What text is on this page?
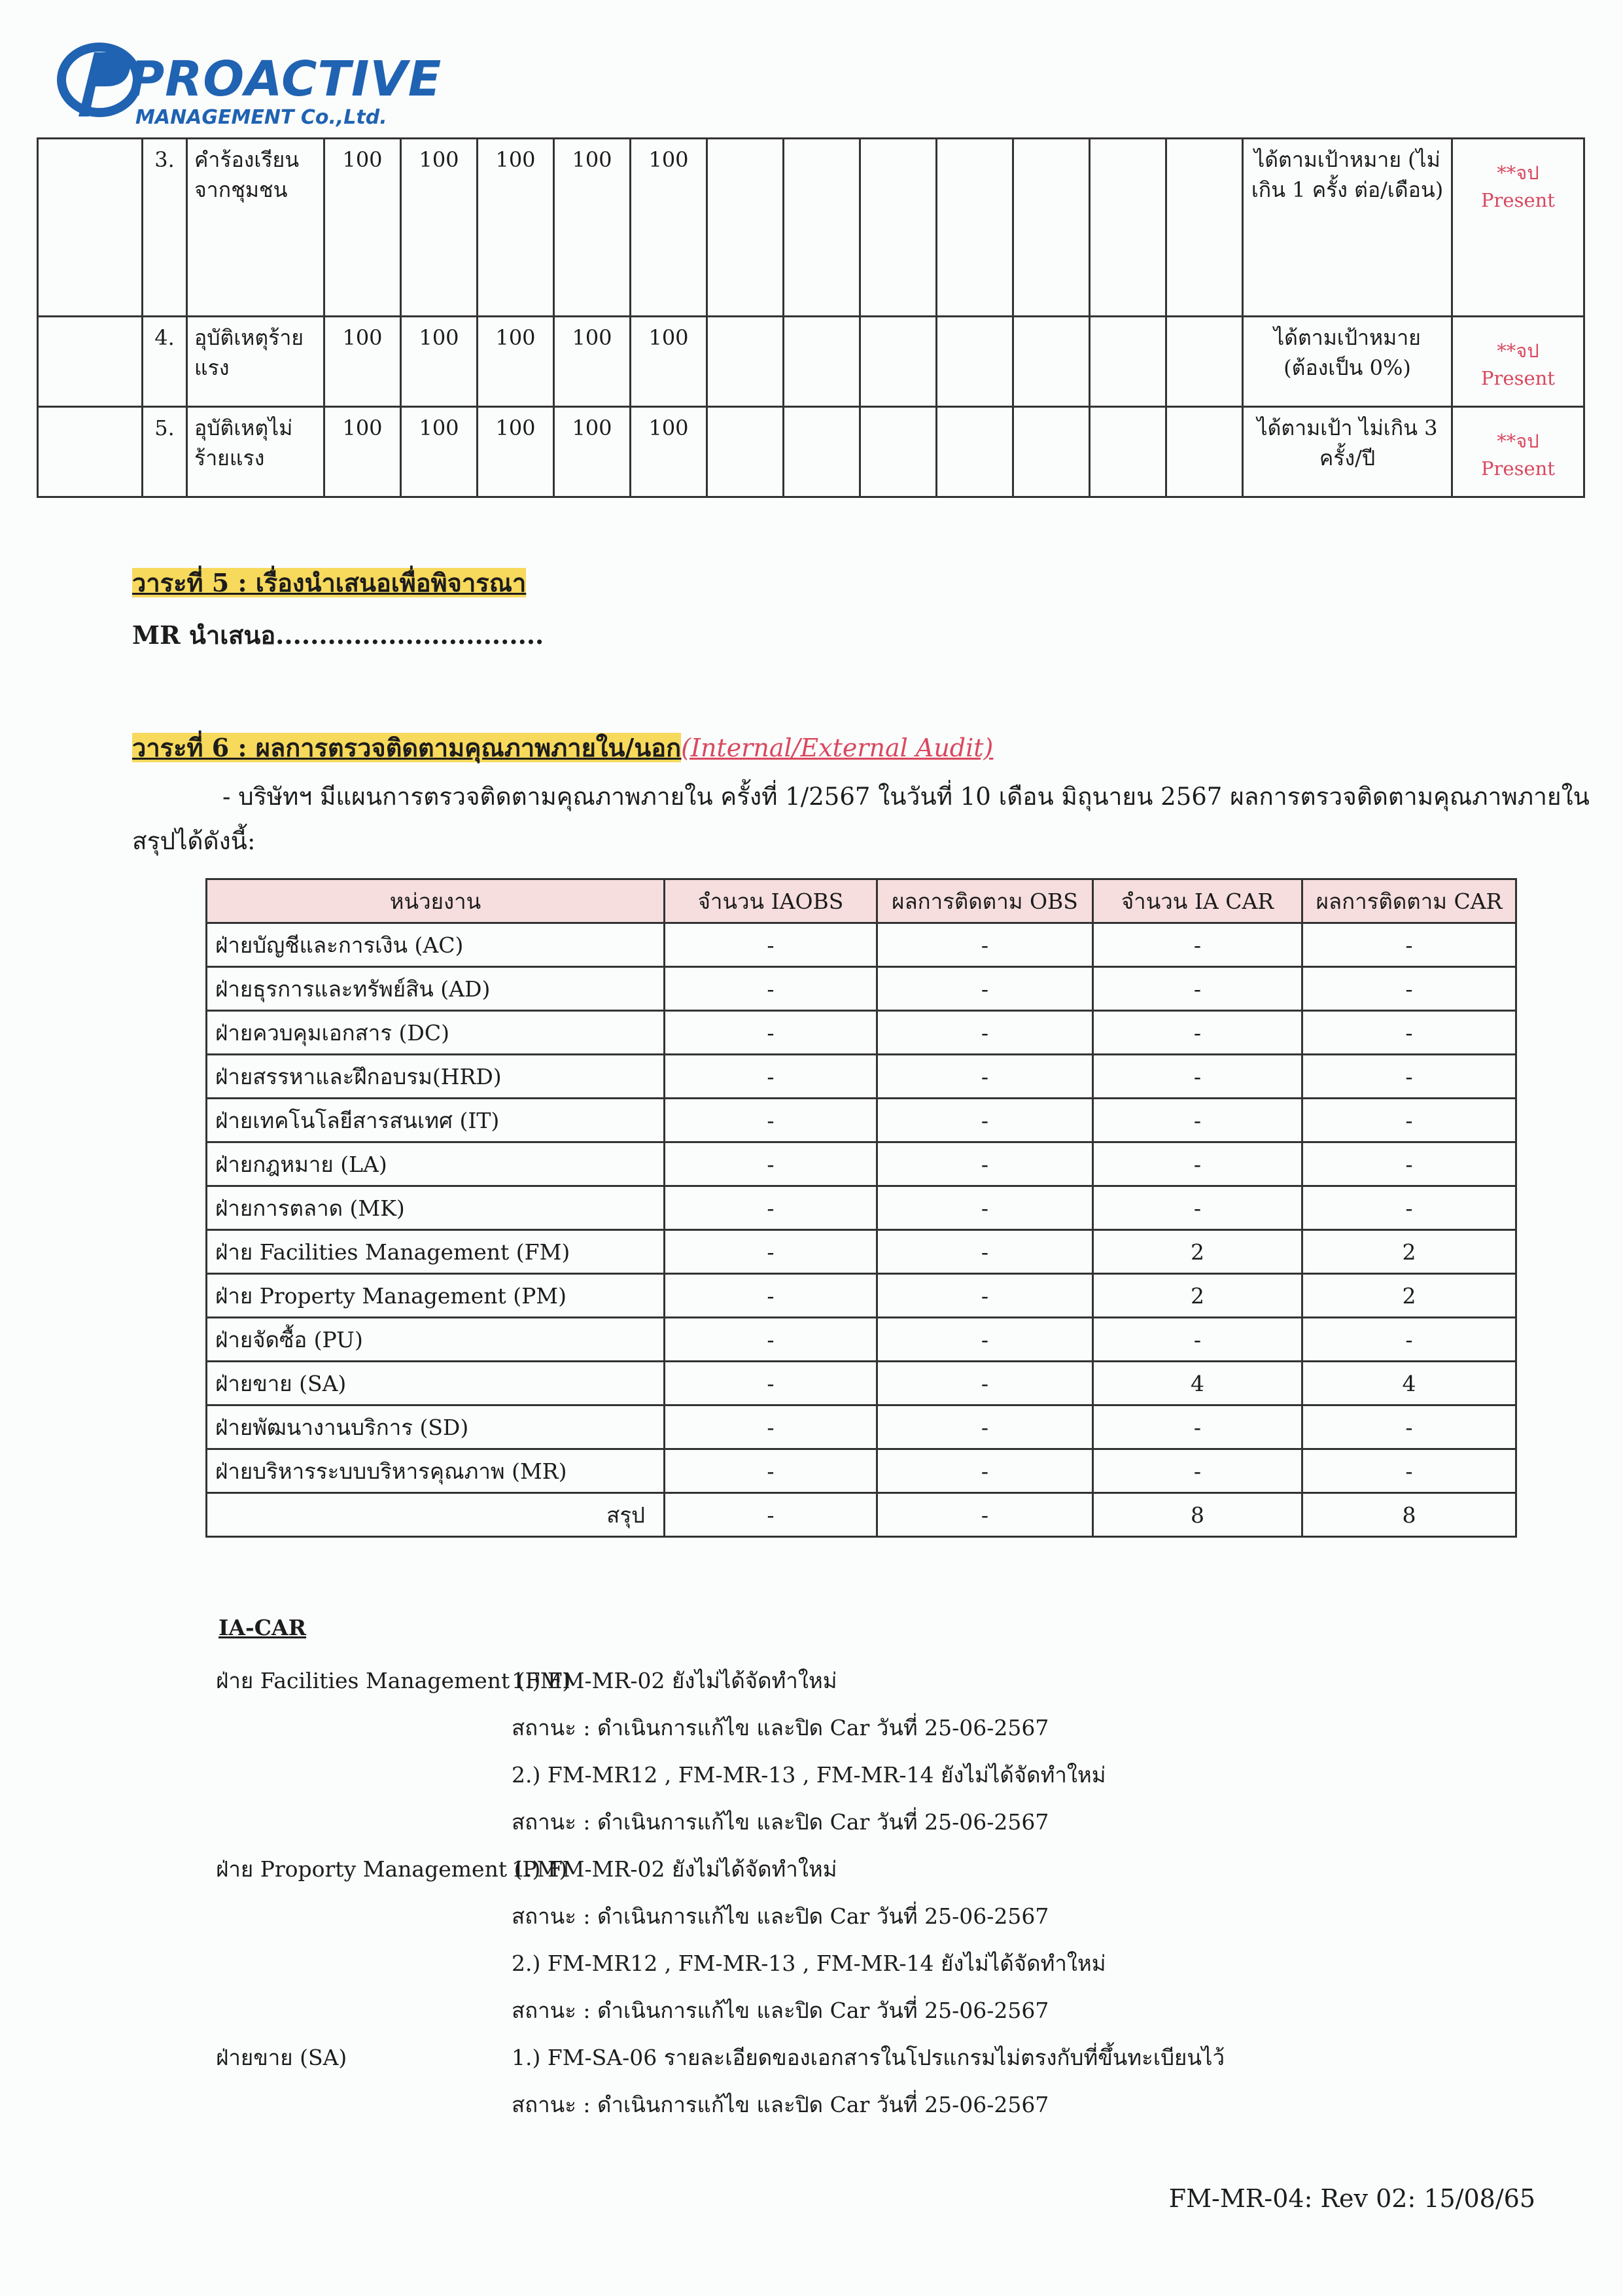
PROACTIVE
MANAGEMENT Co.,Ltd.
	3.	คำร้องเรียนจากชุมชน	100	100	100	100	100								ได้ตามเป้าหมาย (ไม่เกิน 1 ครั้ง ต่อ/เดือน)	**จป Present
	4.	อุบัติเหตุร้ายแรง	100	100	100	100	100								ได้ตามเป้าหมาย (ต้องเป็น 0%)	**จป Present
	5.	อุบัติเหตุไม่ร้ายแรง	100	100	100	100	100								ได้ตามเป้า ไม่เกิน 3 ครั้ง/ปี	**จป Present
วาระที่ 5 : เรื่องนำเสนอเพื่อพิจารณา
MR นำเสนอ...............................
วาระที่ 6 : ผลการตรวจติดตามคุณภาพภายใน/นอก(Internal/External Audit)
- บริษัทฯ มีแผนการตรวจติดตามคุณภาพภายใน ครั้งที่ 1/2567 ในวันที่ 10 เดือน มิถุนายน 2567 ผลการตรวจติดตามคุณภาพภายใน
สรุปได้ดังนี้:
หน่วยงาน	จำนวน IAOBS	ผลการติดตาม OBS	จำนวน IA CAR	ผลการติดตาม CAR
ฝ่ายบัญชีและการเงิน (AC)	-	-	-	-
ฝ่ายธุรการและทรัพย์สิน (AD)	-	-	-	-
ฝ่ายควบคุมเอกสาร (DC)	-	-	-	-
ฝ่ายสรรหาและฝึกอบรม(HRD)	-	-	-	-
ฝ่ายเทคโนโลยีสารสนเทศ (IT)	-	-	-	-
ฝ่ายกฎหมาย (LA)	-	-	-	-
ฝ่ายการตลาด (MK)	-	-	-	-
ฝ่าย Facilities Management (FM)	-	-	2	2
ฝ่าย Property Management (PM)	-	-	2	2
ฝ่ายจัดซื้อ (PU)	-	-	-	-
ฝ่ายขาย (SA)	-	-	4	4
ฝ่ายพัฒนางานบริการ (SD)	-	-	-	-
ฝ่ายบริหารระบบบริหารคุณภาพ (MR)	-	-	-	-
สรุป	-	-	8	8
IA-CAR
ฝ่าย Facilities Management (FM)
1.) FM-MR-02 ยังไม่ได้จัดทำใหม่
สถานะ : ดำเนินการแก้ไข และปิด Car วันที่ 25-06-2567
2.) FM-MR12 , FM-MR-13 , FM-MR-14 ยังไม่ได้จัดทำใหม่
สถานะ : ดำเนินการแก้ไข และปิด Car วันที่ 25-06-2567
ฝ่าย Proporty Management (PM)
1.) FM-MR-02 ยังไม่ได้จัดทำใหม่
สถานะ : ดำเนินการแก้ไข และปิด Car วันที่ 25-06-2567
2.) FM-MR12 , FM-MR-13 , FM-MR-14 ยังไม่ได้จัดทำใหม่
สถานะ : ดำเนินการแก้ไข และปิด Car วันที่ 25-06-2567
ฝ่ายขาย (SA)	1.) FM-SA-06 รายละเอียดของเอกสารในโปรแกรมไม่ตรงกับที่ขึ้นทะเบียนไว้
สถานะ : ดำเนินการแก้ไข และปิด Car วันที่ 25-06-2567
FM-MR-04: Rev 02: 15/08/65
